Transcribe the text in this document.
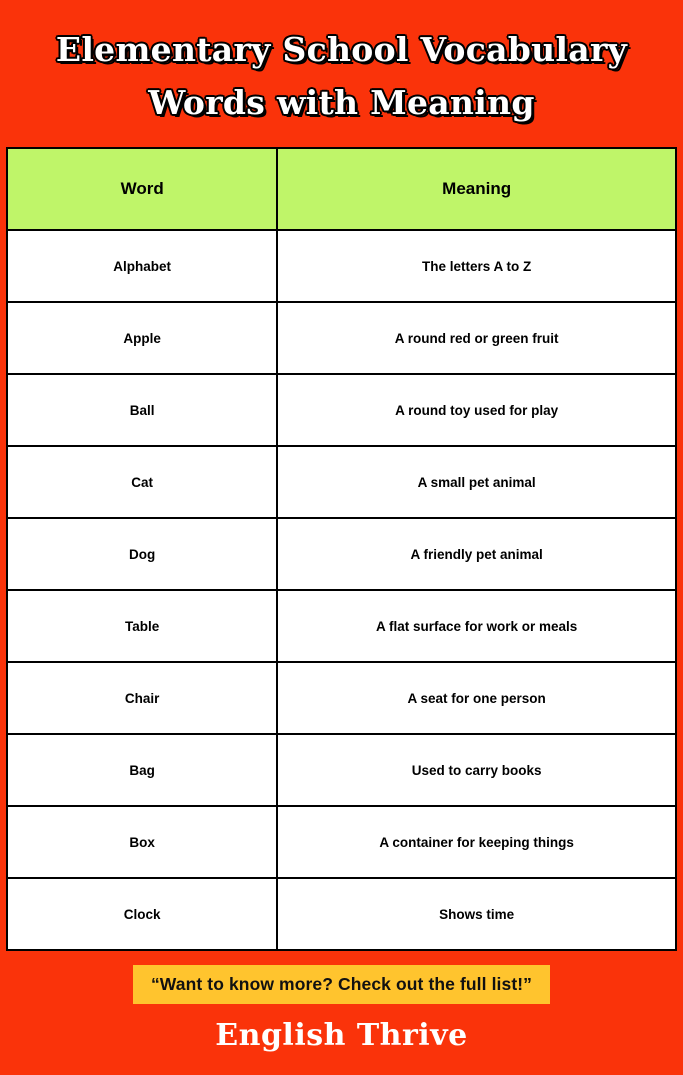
Elementary School Vocabulary
Words with Meaning
Word	Meaning
Alphabet	The letters A to Z
Apple	A round red or green fruit
Ball	A round toy used for play
Cat	A small pet animal
Dog	A friendly pet animal
Table	A flat surface for work or meals
Chair	A seat for one person
Bag	Used to carry books
Box	A container for keeping things
Clock	Shows time
“Want to know more? Check out the full list!”
English Thrive
